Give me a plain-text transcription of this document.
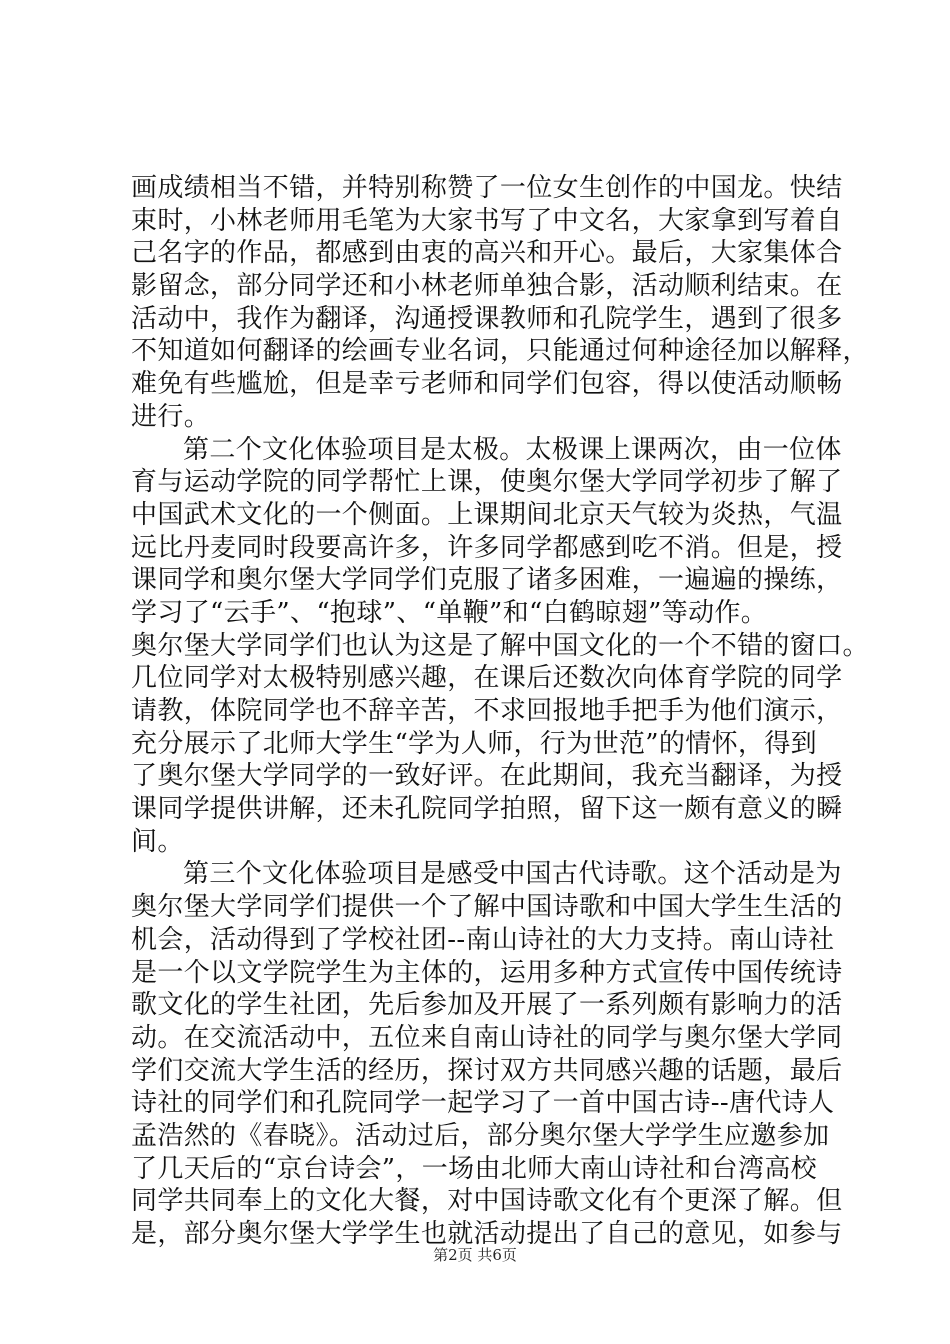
画成绩相当不错，并特别称赞了一位女生创作的中国龙。快结
束时，小林老师用毛笔为大家书写了中文名，大家拿到写着自
己名字的作品，都感到由衷的高兴和开心。最后，大家集体合
影留念，部分同学还和小林老师单独合影，活动顺利结束。在
活动中，我作为翻译，沟通授课教师和孔院学生，遇到了很多
不知道如何翻译的绘画专业名词，只能通过何种途径加以解释，
难免有些尴尬，但是幸亏老师和同学们包容，得以使活动顺畅
进行。
第二个文化体验项目是太极。太极课上课两次，由一位体
育与运动学院的同学帮忙上课，使奥尔堡大学同学初步了解了
中国武术文化的一个侧面。上课期间北京天气较为炎热，气温
远比丹麦同时段要高许多，许多同学都感到吃不消。但是，授
课同学和奥尔堡大学同学们克服了诸多困难，一遍遍的操练，
学习了“云手”、“抱球”、“单鞭”和“白鹤晾翅”等动作。
奥尔堡大学同学们也认为这是了解中国文化的一个不错的窗口。
几位同学对太极特别感兴趣，在课后还数次向体育学院的同学
请教，体院同学也不辞辛苦，不求回报地手把手为他们演示，
充分展示了北师大学生“学为人师，行为世范”的情怀，得到
了奥尔堡大学同学的一致好评。在此期间，我充当翻译，为授
课同学提供讲解，还未孔院同学拍照，留下这一颇有意义的瞬
间。
第三个文化体验项目是感受中国古代诗歌。这个活动是为
奥尔堡大学同学们提供一个了解中国诗歌和中国大学生生活的
机会，活动得到了学校社团--南山诗社的大力支持。南山诗社
是一个以文学院学生为主体的，运用多种方式宣传中国传统诗
歌文化的学生社团，先后参加及开展了一系列颇有影响力的活
动。在交流活动中，五位来自南山诗社的同学与奥尔堡大学同
学们交流大学生活的经历，探讨双方共同感兴趣的话题，最后
诗社的同学们和孔院同学一起学习了一首中国古诗--唐代诗人
孟浩然的《春晓》。活动过后，部分奥尔堡大学学生应邀参加
了几天后的“京台诗会”，一场由北师大南山诗社和台湾高校
同学共同奉上的文化大餐，对中国诗歌文化有个更深了解。但
是，部分奥尔堡大学学生也就活动提出了自己的意见，如参与
第2页 共6页
